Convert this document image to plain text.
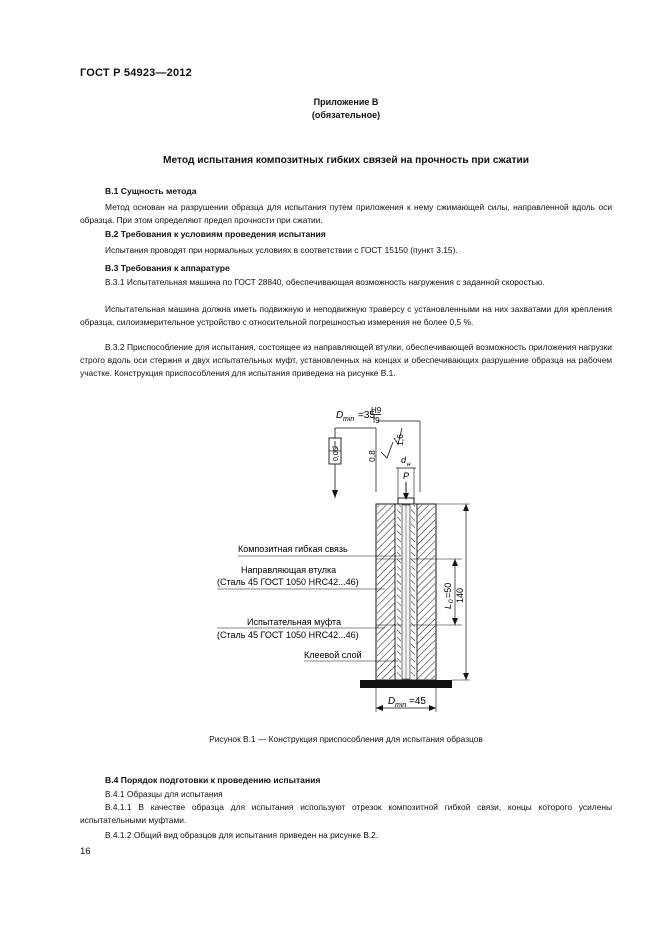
ГОСТ Р 54923—2012
Приложение В
(обязательное)
Метод испытания композитных гибких связей на прочность при сжатии
В.1 Сущность метода
Метод основан на разрушении образца для испытания путем приложения к нему сжимающей силы, направленной вдоль оси образца. При этом определяют предел прочности при сжатии.
В.2 Требования к условиям проведения испытания
Испытания проводят при нормальных условиях в соответствии с ГОСТ 15150 (пункт 3.15).
В.3 Требования к аппаратуре
В.3.1 Испытательная машина по ГОСТ 28840, обеспечивающая возможность нагружения с заданной скоростью.
Испытательная машина должна иметь подвижную и неподвижную траверсу с установленными на них захватами для крепления образца, силоизмерительное устройство с относительной погрешностью измерения не более 0,5 %.
В.3.2 Приспособление для испытания, состоящее из направляющей втулки, обеспечивающей возможность приложения нагрузки строго вдоль оси стержня и двух испытательных муфт, установленных на концах и обеспечивающих разрушение образца на рабочем участке. Конструкция приспособления для испытания приведена на рисунке В.1.
D min =35
H9
f9
0,05	0,8
1,6
d н
P
L
0
=50 140
D min =45
Композитная гибкая связь
Направляющая втулка
(Сталь 45 ГОСТ 1050 HRC42...46)
Испытательная муфта
(Сталь 45 ГОСТ 1050 HRC42...46)
Клеевой слой
Рисунок В.1 — Конструкция приспособления для испытания образцов
В.4 Порядок подготовки к проведению испытания
В.4.1 Образцы для испытания
В.4.1.1 В качестве образца для испытания используют отрезок композитной гибкой связи, концы которого усилены испытательными муфтами.
В.4.1.2 Общий вид образцов для испытания приведен на рисунке В.2.
16
